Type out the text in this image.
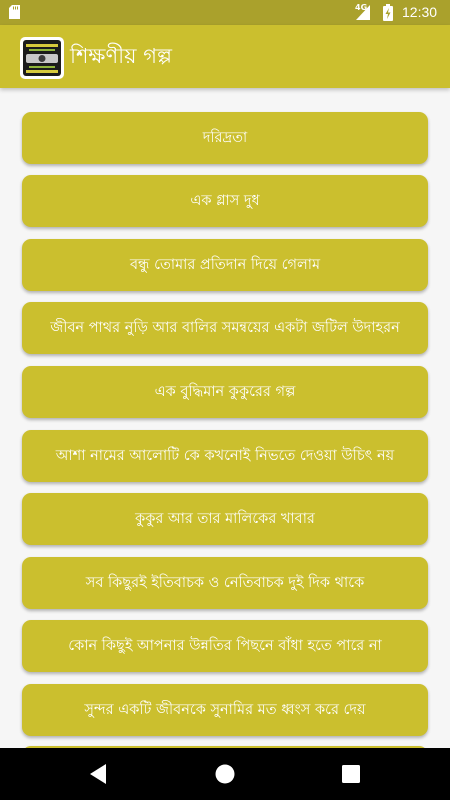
4G 12:30
শিক্ষণীয় গল্প
দরিদ্রতা
এক গ্লাস দুধ
বন্ধু তোমার প্রতিদান দিয়ে গেলাম
জীবন পাথর নুড়ি আর বালির সমন্বয়ের একটা জটিল উদাহরন
এক বুদ্ধিমান কুকুরের গল্প
আশা নামের আলোটি কে কখনোই নিভতে দেওয়া উচিৎ নয়
কুকুর আর তার মালিকের খাবার
সব কিছুরই ইতিবাচক ও নেতিবাচক দুই দিক থাকে
কোন কিছুই আপনার উন্নতির পিছনে বাঁধা হতে পারে না
সুন্দর একটি জীবনকে সুনামির মত ধ্বংস করে দেয়
